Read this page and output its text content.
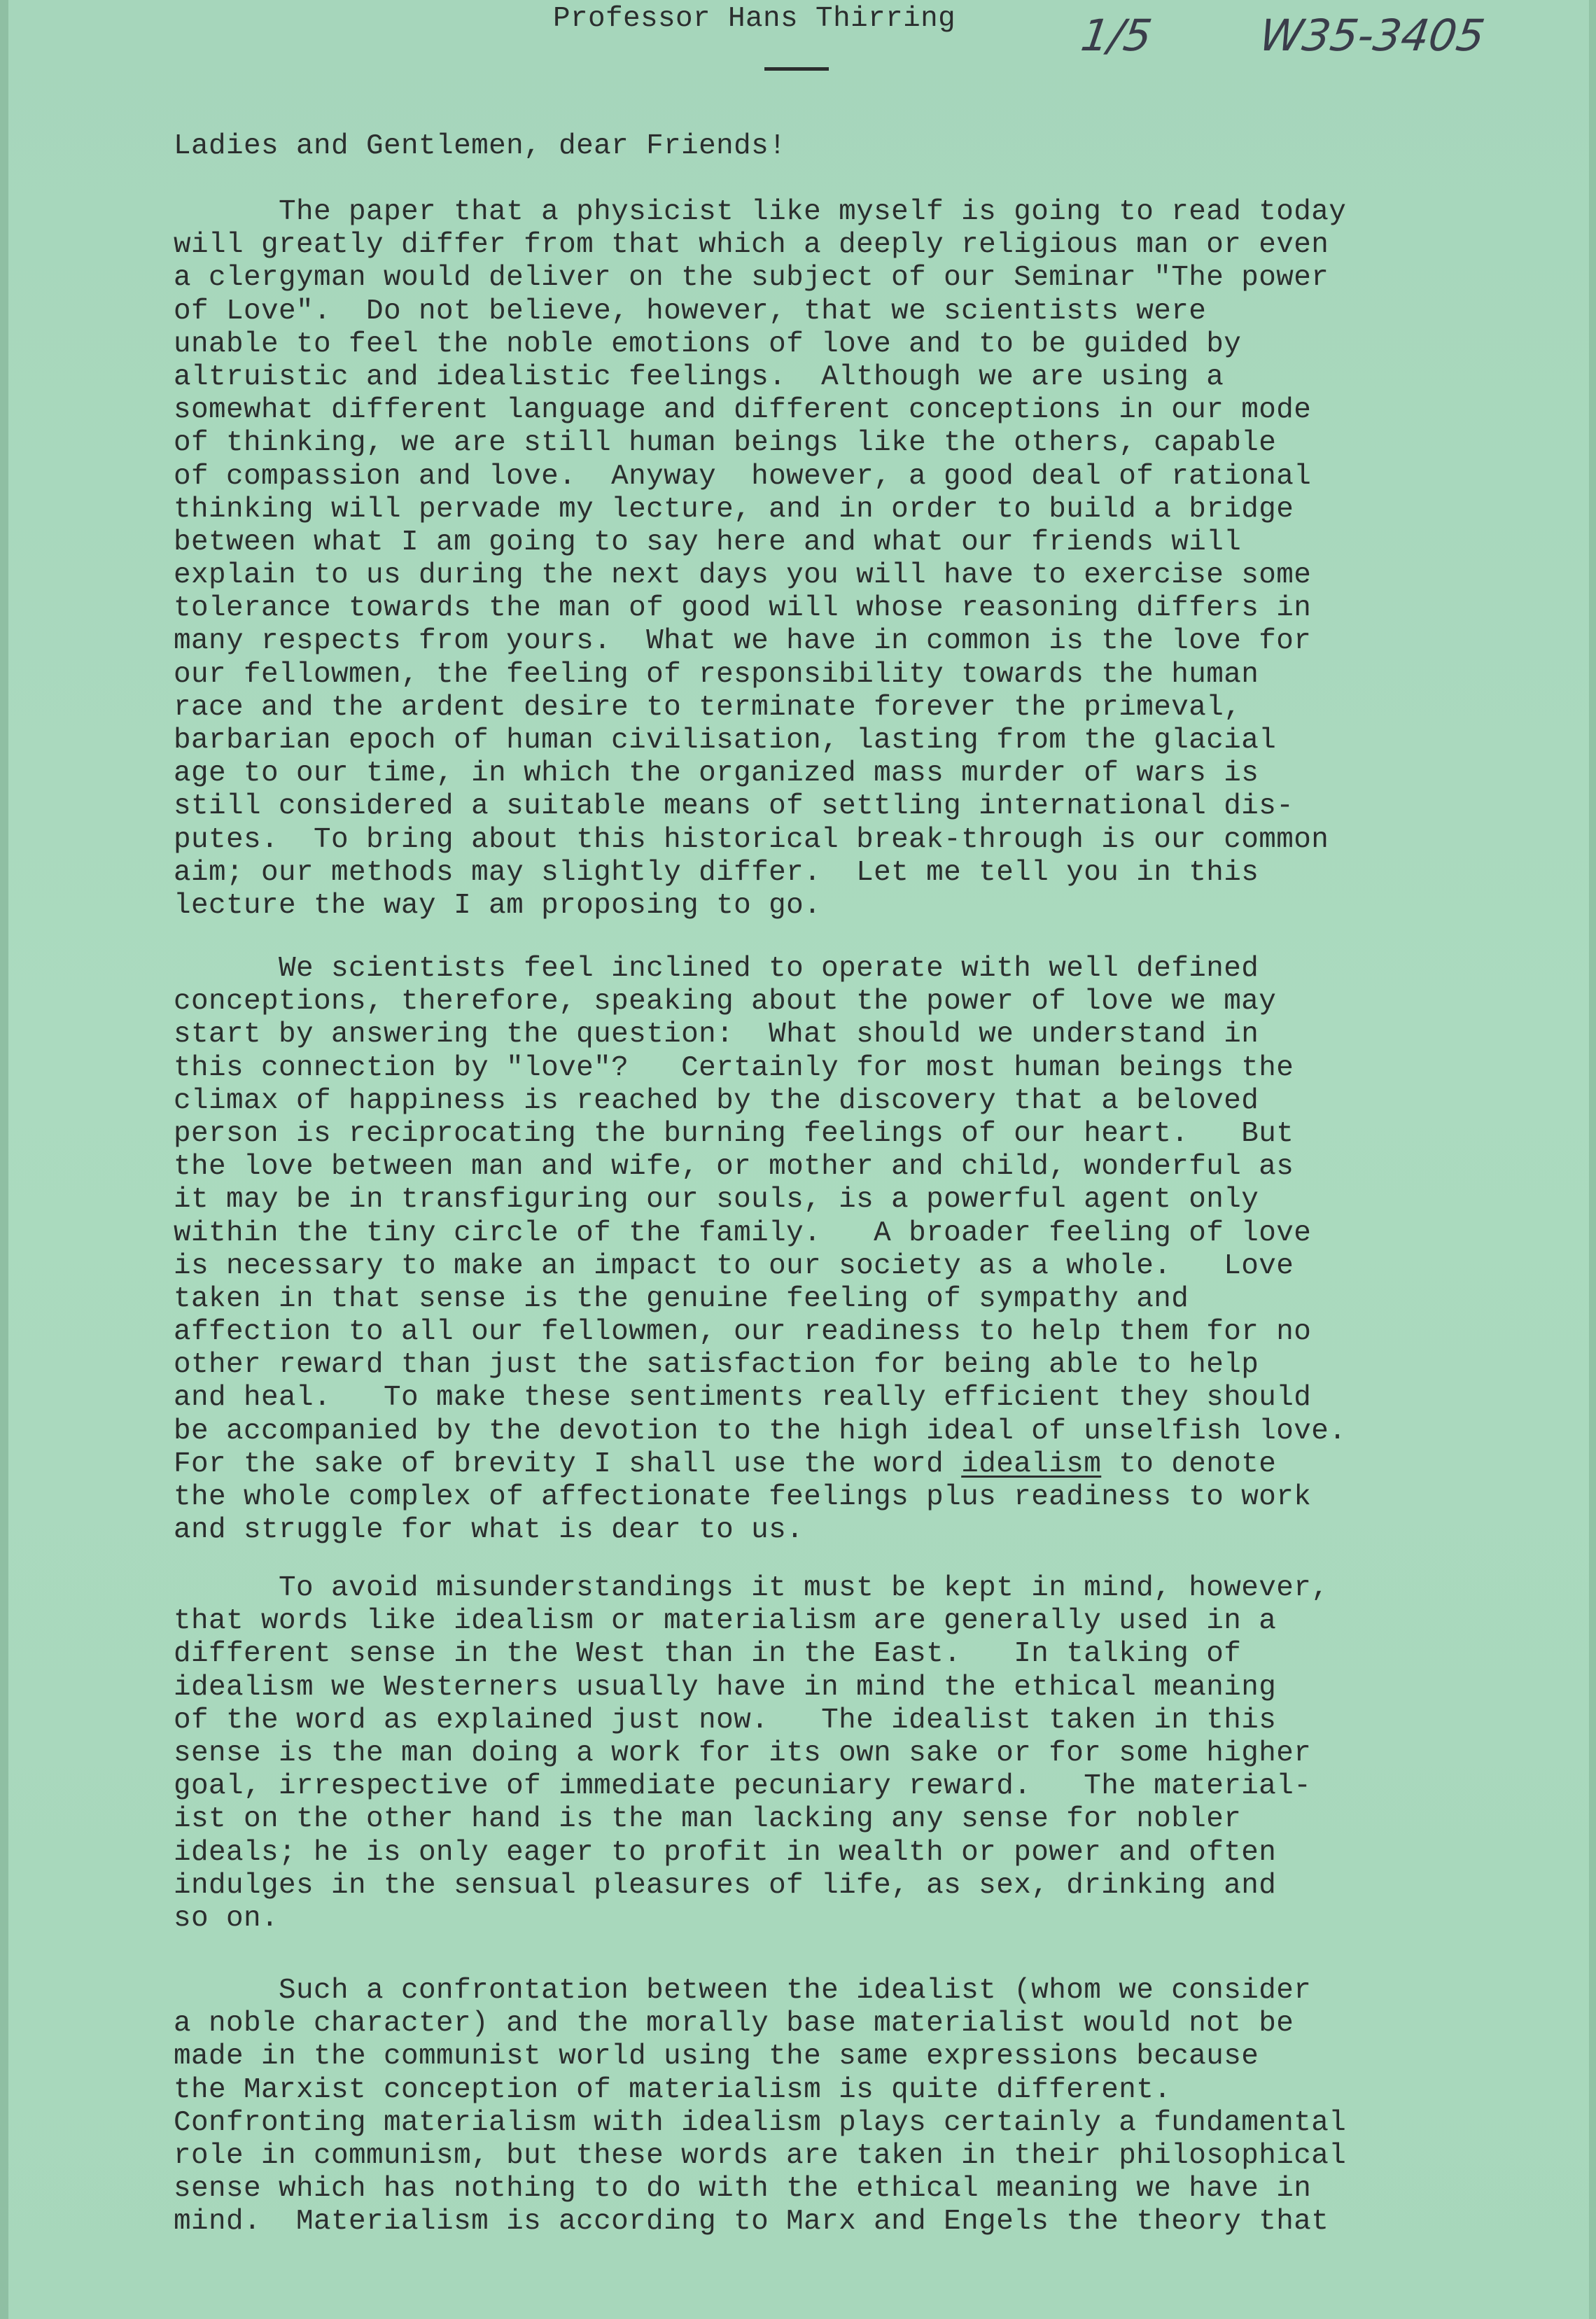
Professor Hans Thirring	1/5 W35-3405
Ladies and Gentlemen, dear Friends!
The paper that a physicist like myself is going to read today
will greatly differ from that which a deeply religious man or even
a clergyman would deliver on the subject of our Seminar "The power
of Love".  Do not believe, however, that we scientists were
unable to feel the noble emotions of love and to be guided by
altruistic and idealistic feelings.  Although we are using a
somewhat different language and different conceptions in our mode
of thinking, we are still human beings like the others, capable
of compassion and love.  Anyway  however, a good deal of rational
thinking will pervade my lecture, and in order to build a bridge
between what I am going to say here and what our friends will
explain to us during the next days you will have to exercise some
tolerance towards the man of good will whose reasoning differs in
many respects from yours.  What we have in common is the love for
our fellowmen, the feeling of responsibility towards the human
race and the ardent desire to terminate forever the primeval,
barbarian epoch of human civilisation, lasting from the glacial
age to our time, in which the organized mass murder of wars is
still considered a suitable means of settling international dis-
putes.  To bring about this historical break-through is our common
aim; our methods may slightly differ.  Let me tell you in this
lecture the way I am proposing to go.
We scientists feel inclined to operate with well defined
conceptions, therefore, speaking about the power of love we may
start by answering the question:  What should we understand in
this connection by "love"?   Certainly for most human beings the
climax of happiness is reached by the discovery that a beloved
person is reciprocating the burning feelings of our heart.   But
the love between man and wife, or mother and child, wonderful as
it may be in transfiguring our souls, is a powerful agent only
within the tiny circle of the family.   A broader feeling of love
is necessary to make an impact to our society as a whole.   Love
taken in that sense is the genuine feeling of sympathy and
affection to all our fellowmen, our readiness to help them for no
other reward than just the satisfaction for being able to help
and heal.   To make these sentiments really efficient they should
be accompanied by the devotion to the high ideal of unselfish love.
For the sake of brevity I shall use the word idealism to denote
the whole complex of affectionate feelings plus readiness to work
and struggle for what is dear to us.
To avoid misunderstandings it must be kept in mind, however,
that words like idealism or materialism are generally used in a
different sense in the West than in the East.   In talking of
idealism we Westerners usually have in mind the ethical meaning
of the word as explained just now.   The idealist taken in this
sense is the man doing a work for its own sake or for some higher
goal, irrespective of immediate pecuniary reward.   The material-
ist on the other hand is the man lacking any sense for nobler
ideals; he is only eager to profit in wealth or power and often
indulges in the sensual pleasures of life, as sex, drinking and
so on.
Such a confrontation between the idealist (whom we consider
a noble character) and the morally base materialist would not be
made in the communist world using the same expressions because
the Marxist conception of materialism is quite different.
Confronting materialism with idealism plays certainly a fundamental
role in communism, but these words are taken in their philosophical
sense which has nothing to do with the ethical meaning we have in
mind.  Materialism is according to Marx and Engels the theory that
